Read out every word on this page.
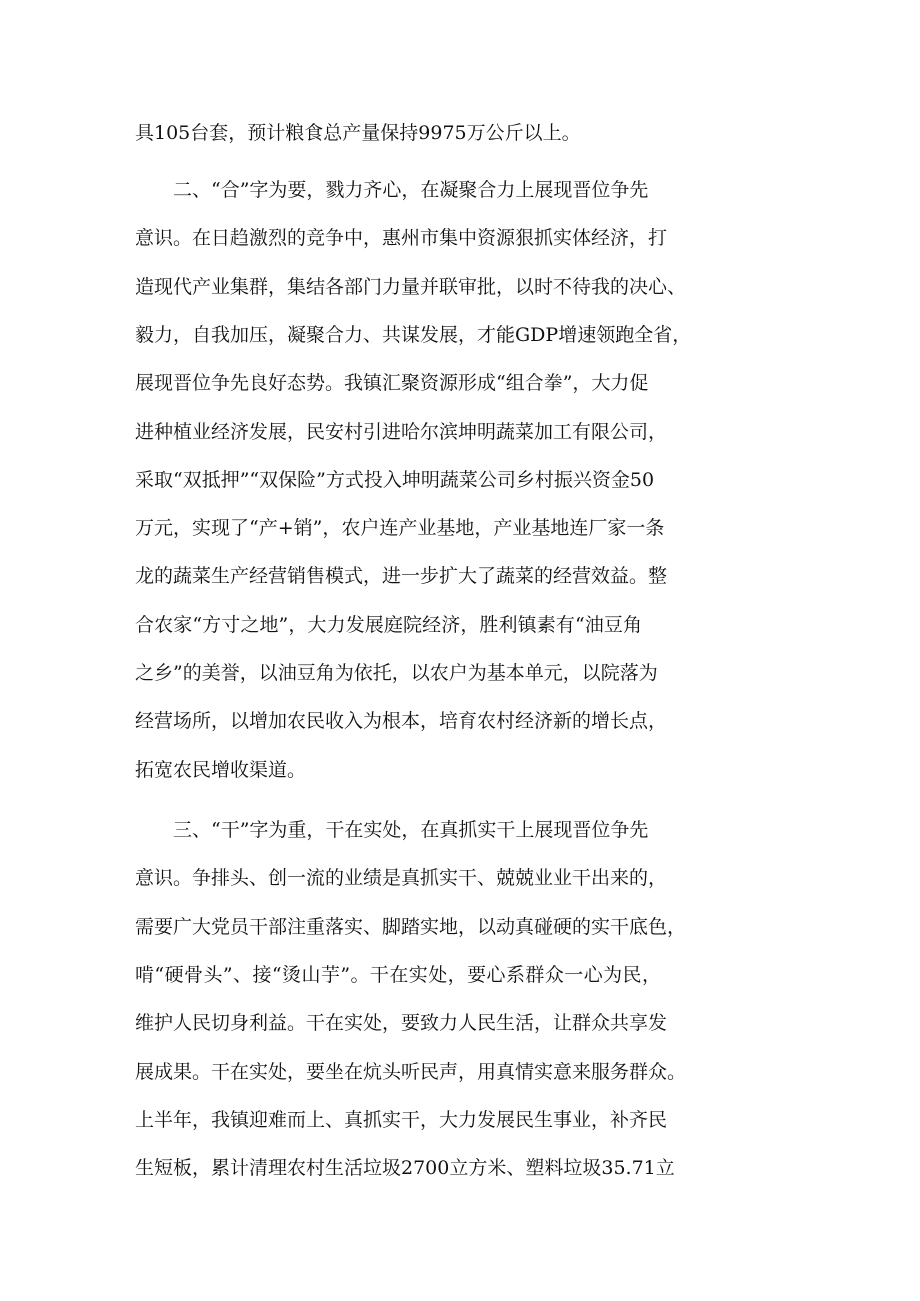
具105台套，预计粮食总产量保持9975万公斤以上。
　　二、“合”字为要，戮力齐心，在凝聚合力上展现晋位争先
意识。在日趋激烈的竞争中，惠州市集中资源狠抓实体经济，打
造现代产业集群，集结各部门力量并联审批，以时不待我的决心、
毅力，自我加压，凝聚合力、共谋发展，才能GDP增速领跑全省，
展现晋位争先良好态势。我镇汇聚资源形成“组合拳”，大力促
进种植业经济发展，民安村引进哈尔滨坤明蔬菜加工有限公司，
采取“双抵押”“双保险”方式投入坤明蔬菜公司乡村振兴资金50
万元，实现了“产+销”，农户连产业基地，产业基地连厂家一条
龙的蔬菜生产经营销售模式，进一步扩大了蔬菜的经营效益。整
合农家“方寸之地”，大力发展庭院经济，胜利镇素有“油豆角
之乡”的美誉，以油豆角为依托，以农户为基本单元，以院落为
经营场所，以增加农民收入为根本，培育农村经济新的增长点，
拓宽农民增收渠道。
　　三、“干”字为重，干在实处，在真抓实干上展现晋位争先
意识。争排头、创一流的业绩是真抓实干、兢兢业业干出来的，
需要广大党员干部注重落实、脚踏实地，以动真碰硬的实干底色，
啃“硬骨头”、接“烫山芋”。干在实处，要心系群众一心为民，
维护人民切身利益。干在实处，要致力人民生活，让群众共享发
展成果。干在实处，要坐在炕头听民声，用真情实意来服务群众。
上半年，我镇迎难而上、真抓实干，大力发展民生事业，补齐民
生短板，累计清理农村生活垃圾2700立方米、塑料垃圾35.71立
